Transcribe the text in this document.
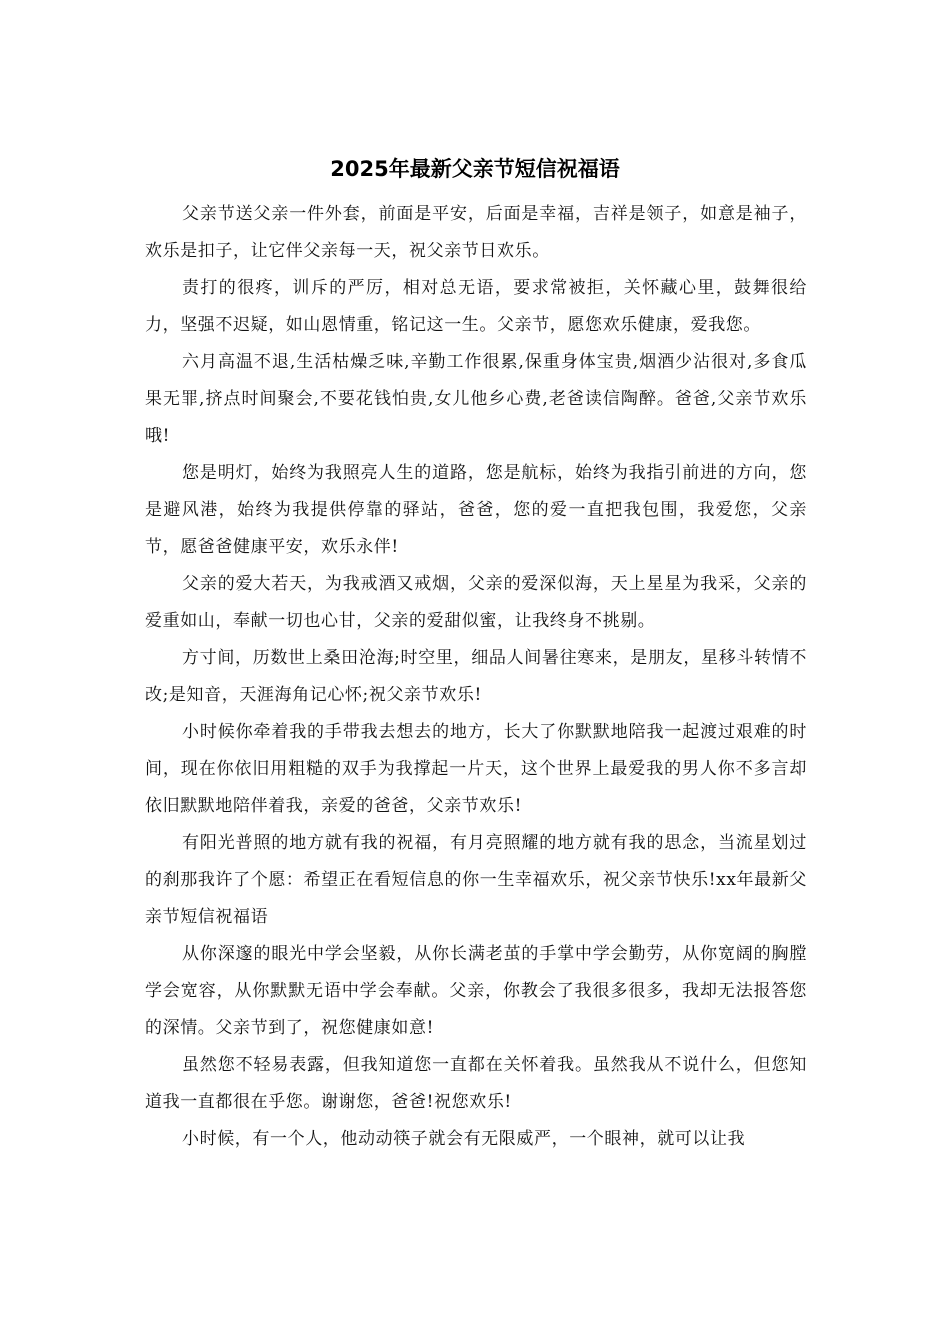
2025年最新父亲节短信祝福语

父亲节送父亲一件外套，前面是平安，后面是幸福，吉祥是领子，如意是袖子，欢乐是扣子，让它伴父亲每一天，祝父亲节日欢乐。

责打的很疼，训斥的严厉，相对总无语，要求常被拒，关怀藏心里，鼓舞很给力，坚强不迟疑，如山恩情重，铭记这一生。父亲节，愿您欢乐健康，爱我您。

六月高温不退,生活枯燥乏味,辛勤工作很累,保重身体宝贵,烟酒少沾很对,多食瓜果无罪,挤点时间聚会,不要花钱怕贵,女儿他乡心费,老爸读信陶醉。爸爸,父亲节欢乐哦!

您是明灯，始终为我照亮人生的道路，您是航标，始终为我指引前进的方向，您是避风港，始终为我提供停靠的驿站，爸爸，您的爱一直把我包围，我爱您，父亲节，愿爸爸健康平安，欢乐永伴!

父亲的爱大若天，为我戒酒又戒烟，父亲的爱深似海，天上星星为我采，父亲的爱重如山，奉献一切也心甘，父亲的爱甜似蜜，让我终身不挑剔。

方寸间，历数世上桑田沧海;时空里，细品人间暑往寒来，是朋友，星移斗转情不改;是知音，天涯海角记心怀;祝父亲节欢乐!

小时候你牵着我的手带我去想去的地方，长大了你默默地陪我一起渡过艰难的时间，现在你依旧用粗糙的双手为我撑起一片天，这个世界上最爱我的男人你不多言却依旧默默地陪伴着我，亲爱的爸爸，父亲节欢乐!

有阳光普照的地方就有我的祝福，有月亮照耀的地方就有我的思念，当流星划过的刹那我许了个愿：希望正在看短信息的你一生幸福欢乐，祝父亲节快乐!xx年最新父亲节短信祝福语

从你深邃的眼光中学会坚毅，从你长满老茧的手掌中学会勤劳，从你宽阔的胸膛学会宽容，从你默默无语中学会奉献。父亲，你教会了我很多很多，我却无法报答您的深情。父亲节到了，祝您健康如意!

虽然您不轻易表露，但我知道您一直都在关怀着我。虽然我从不说什么，但您知道我一直都很在乎您。谢谢您，爸爸!祝您欢乐!

小时候，有一个人，他动动筷子就会有无限威严，一个眼神，就可以让我
